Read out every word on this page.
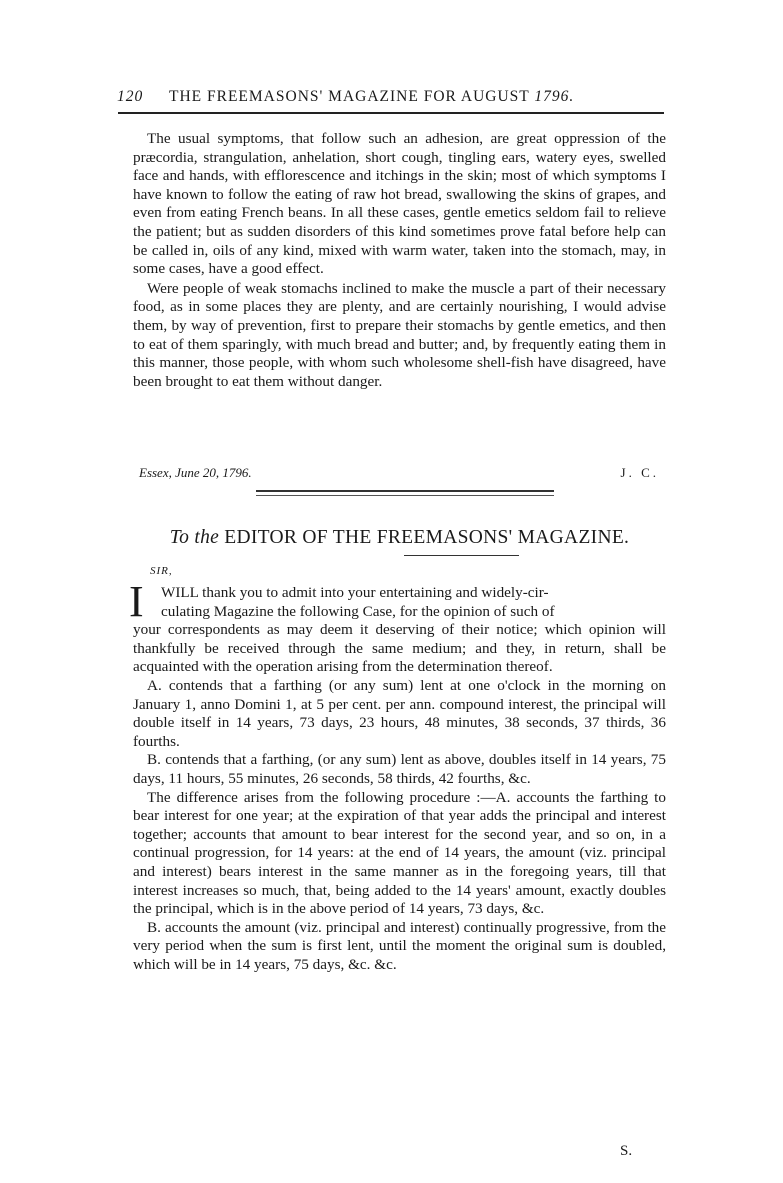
120 THE FREEMASONS' MAGAZINE FOR AUGUST 1796.

The usual symptoms, that follow such an adhesion, are great oppression of the præcordia, strangulation, anhelation, short cough, tingling ears, watery eyes, swelled face and hands, with efflorescence and itchings in the skin; most of which symptoms I have known to follow the eating of raw hot bread, swallowing the skins of grapes, and even from eating French beans. In all these cases, gentle emetics seldom fail to relieve the patient; but as sudden disorders of this kind sometimes prove fatal before help can be called in, oils of any kind, mixed with warm water, taken into the stomach, may, in some cases, have a good effect.

Were people of weak stomachs inclined to make the muscle a part of their necessary food, as in some places they are plenty, and are certainly nourishing, I would advise them, by way of prevention, first to prepare their stomachs by gentle emetics, and then to eat of them sparingly, with much bread and butter; and, by frequently eating them in this manner, those people, with whom such wholesome shell-fish have disagreed, have been brought to eat them without danger.

Essex, June 20, 1796.	J. C.
To the EDITOR OF THE FREEMASONS' MAGAZINE.
SIR,
I WILL thank you to admit into your entertaining and widely-cir-

culating Magazine the following Case, for the opinion of such of

your correspondents as may deem it deserving of their notice; which opinion will thankfully be received through the same medium; and they, in return, shall be acquainted with the operation arising from the determination thereof.

A. contends that a farthing (or any sum) lent at one o'clock in the morning on January 1, anno Domini 1, at 5 per cent. per ann. compound interest, the principal will double itself in 14 years, 73 days, 23 hours, 48 minutes, 38 seconds, 37 thirds, 36 fourths.

B. contends that a farthing, (or any sum) lent as above, doubles itself in 14 years, 75 days, 11 hours, 55 minutes, 26 seconds, 58 thirds, 42 fourths, &c.

The difference arises from the following procedure :—A. accounts the farthing to bear interest for one year; at the expiration of that year adds the principal and interest together; accounts that amount to bear interest for the second year, and so on, in a continual progression, for 14 years: at the end of 14 years, the amount (viz. principal and interest) bears interest in the same manner as in the foregoing years, till that interest increases so much, that, being added to the 14 years' amount, exactly doubles the principal, which is in the above period of 14 years, 73 days, &c.

B. accounts the amount (viz. principal and interest) continually progressive, from the very period when the sum is first lent, until the moment the original sum is doubled, which will be in 14 years, 75 days, &c. &c.

S.
